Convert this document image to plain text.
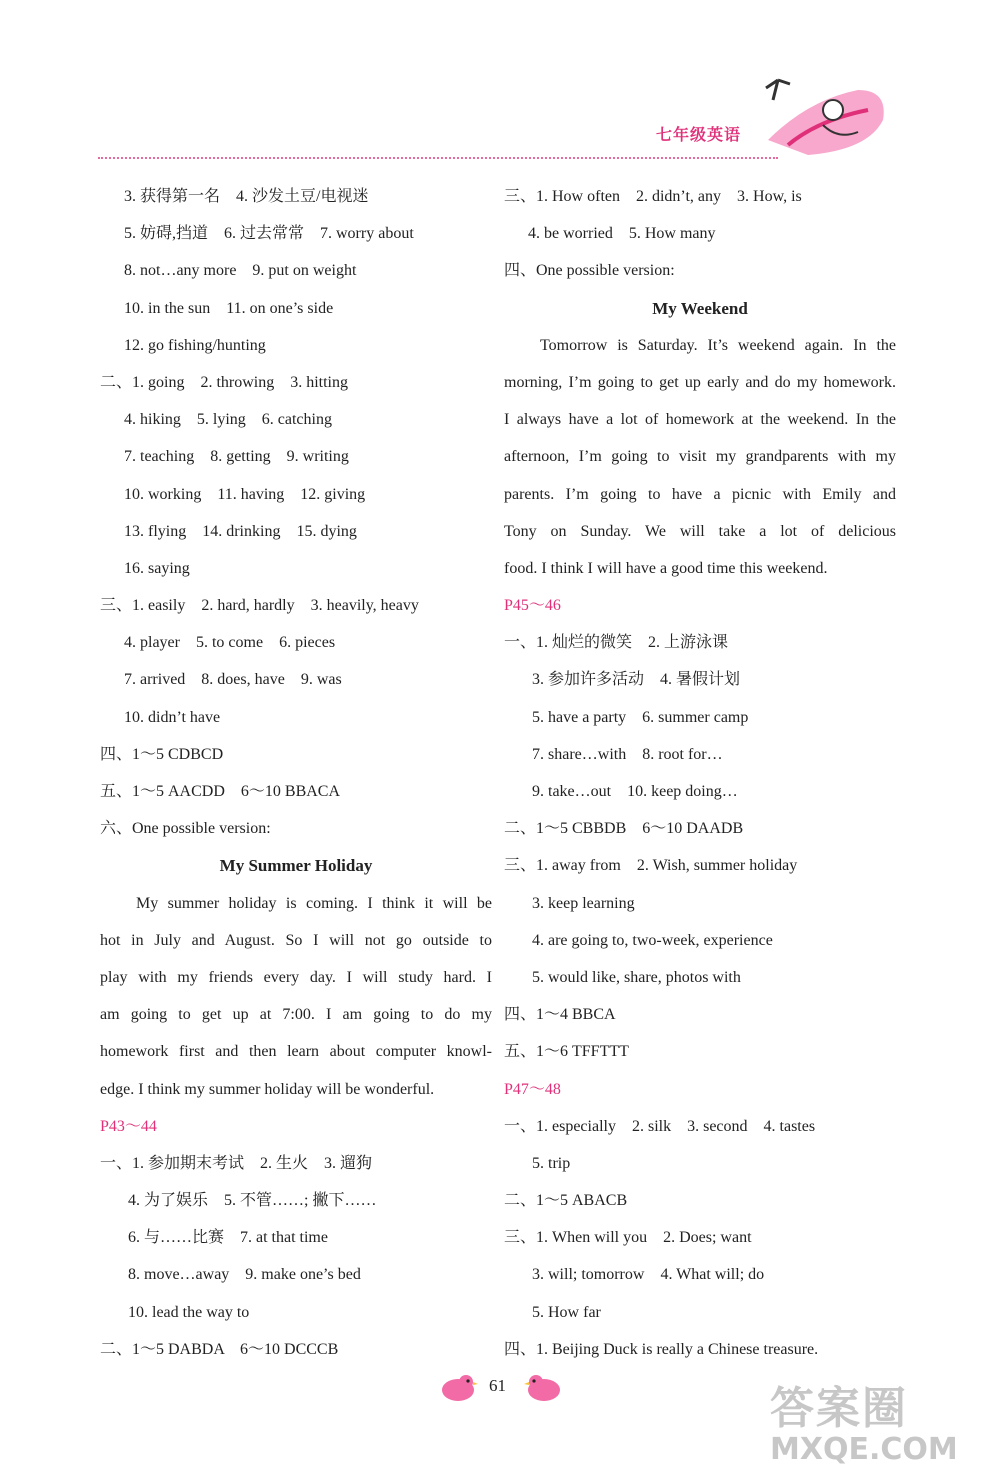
七年级英语
3. 获得第一名　4. 沙发土豆/电视迷
5. 妨碍,挡道　6. 过去常常　7. worry about
8. not…any more　9. put on weight
10. in the sun　11. on one’s side
12. go fishing/hunting
二、1. going　2. throwing　3. hitting
4. hiking　5. lying　6. catching
7. teaching　8. getting　9. writing
10. working　11. having　12. giving
13. flying　14. drinking　15. dying
16. saying
三、1. easily　2. hard, hardly　3. heavily, heavy
4. player　5. to come　6. pieces
7. arrived　8. does, have　9. was
10. didn’t have
四、1～5 CDBCD
五、1～5 AACDD　6～10 BBACA
六、One possible version:
My Summer Holiday
My summer holiday is coming. I think it will be
hot in July and August. So I will not go outside to
play with my friends every day. I will study hard. I
am going to get up at 7:00. I am going to do my
homework first and then learn about computer knowl-
edge. I think my summer holiday will be wonderful.
P43～44
一、1. 参加期末考试　2. 生火　3. 遛狗
4. 为了娱乐　5. 不管……; 撇下……
6. 与……比赛　7. at that time
8. move…away　9. make one’s bed
10. lead the way to
二、1～5 DABDA　6～10 DCCCB
三、1. How often　2. didn’t, any　3. How, is
4. be worried　5. How many
四、One possible version:
My Weekend
Tomorrow is Saturday. It’s weekend again. In the
morning, I’m going to get up early and do my homework.
I always have a lot of homework at the weekend. In the
afternoon, I’m going to visit my grandparents with my
parents. I’m going to have a picnic with Emily and
Tony on Sunday. We will take a lot of delicious
food. I think I will have a good time this weekend.
P45～46
一、1. 灿烂的微笑　2. 上游泳课
3. 参加许多活动　4. 暑假计划
5. have a party　6. summer camp
7. share…with　8. root for…
9. take…out　10. keep doing…
二、1～5 CBBDB　6～10 DAADB
三、1. away from　2. Wish, summer holiday
3. keep learning
4. are going to, two-week, experience
5. would like, share, photos with
四、1～4 BBCA
五、1～6 TFFTTT
P47～48
一、1. especially　2. silk　3. second　4. tastes
5. trip
二、1～5 ABACB
三、1. When will you　2. Does; want
3. will; tomorrow　4. What will; do
5. How far
四、1. Beijing Duck is really a Chinese treasure.
61	答案圈
MXQE.COM
